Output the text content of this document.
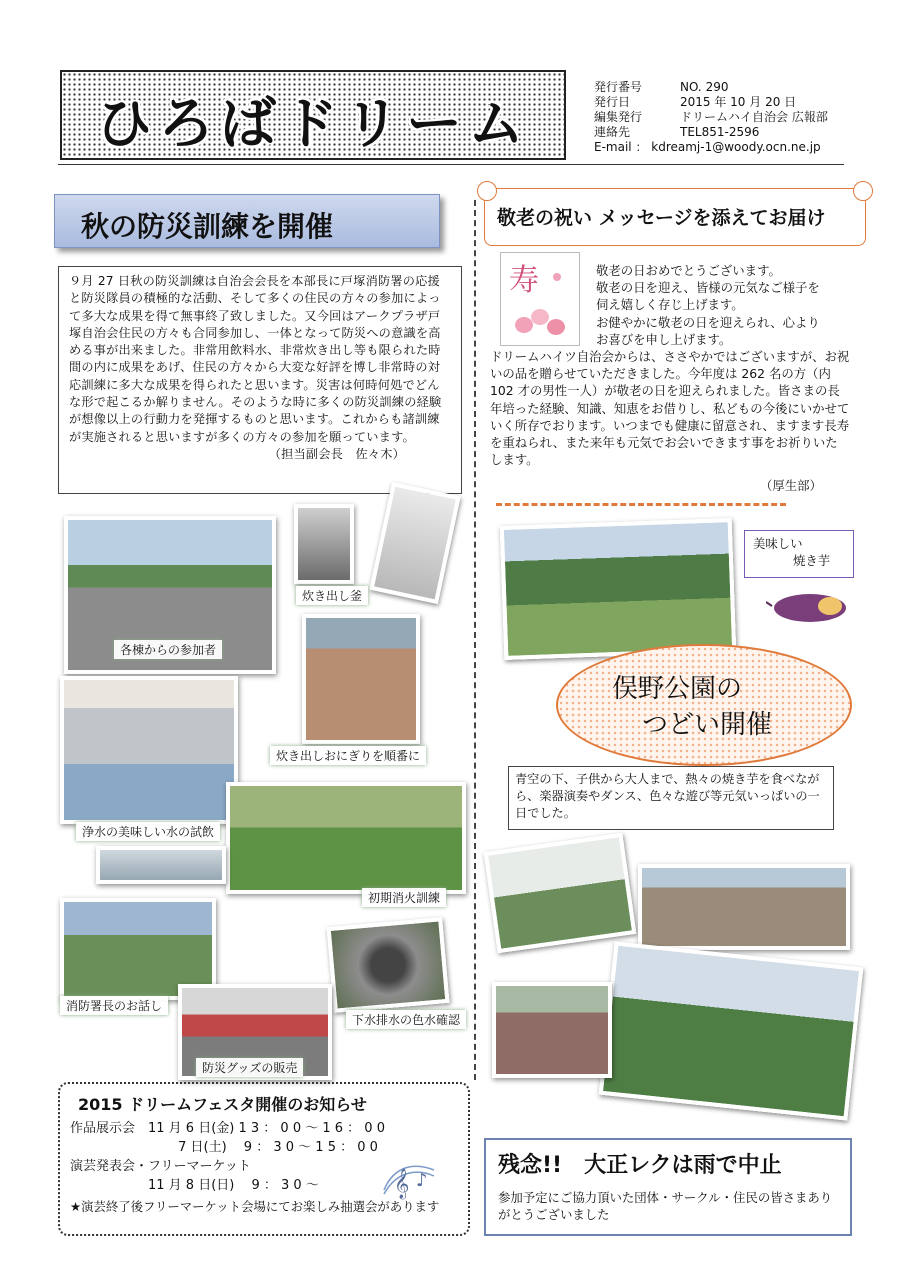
ひろばドリーム
発行番号	NO. 290
発行日	2015 年 10 月 20 日
編集発行	ドリームハイ自治会 広報部
連絡先	TEL851-2596
E-mail ： kdreamj-1@woody.ocn.ne.jp
秋の防災訓練を開催
９月 27 日秋の防災訓練は自治会会長を本部長に戸塚消防署の応援と防災隊員の積極的な活動、そして多くの住民の方々の参加によって多大な成果を得て無事終了致しました。又今回はアークプラザ戸塚自治会住民の方々も合同参加し、一体となって防災への意識を高める事が出来ました。非常用飲料水、非常炊き出し等も限られた時間の内に成果をあげ、住民の方々から大変な好評を博し非常時の対応訓練に多大な成果を得られたと思います。災害は何時何処でどんな形で起こるか解りません。そのような時に多くの防災訓練の経験が想像以上の行動力を発揮するものと思います。これからも諸訓練が実施されると思いますが多くの方々の参加を願っています。
（担当副会長　佐々木）
各棟からの参加者
炊き出し釜
炊き出しおにぎりを順番に
浄水の美味しい水の試飲
初期消火訓練
消防署長のお話し
下水排水の色水確認
防災グッズの販売
敬老の祝い メッセージを添えてお届け
寿	敬老の日おめでとうございます。
敬老の日を迎え、皆様の元気なご様子を
伺え嬉しく存じ上げます。
お健やかに敬老の日を迎えられ、心より
お喜びを申し上げます。
ドリームハイツ自治会からは、ささやかではございますが、お祝いの品を贈らせていただきました。今年度は 262 名の方（内 102 才の男性一人）が敬老の日を迎えられました。皆さまの長年培った経験、知識、知恵をお借りし、私どもの今後にいかせていく所存でおります。いつまでも健康に留意され、ますます長寿を重ねられ、また来年も元気でお会いできます事をお祈りいたします。
（厚生部）
美味しい
焼き芋
俣野公園の
つどい開催
青空の下、子供から大人まで、熱々の焼き芋を食べながら、楽器演奏やダンス、色々な遊び等元気いっぱいの一日でした。
2015 ドリームフェスタ開催のお知らせ
作品展示会　11 月 6 日(金) 1 3 ： 0 0 ～ 1 6 ： 0 0
　　　　　　　　 7 日(土)　 9 ： 3 0 ～ 1 5 ： 0 0
演芸発表会・フリーマーケット
　　　　　　11 月 8 日(日)　 9 ： 3 0 ～
★演芸終了後フリーマーケット会場にてお楽しみ抽選会があります
𝄞 ♪
残念!!　大正レクは雨で中止
参加予定にご協力頂いた団体・サークル・住民の皆さまありがとうございました
